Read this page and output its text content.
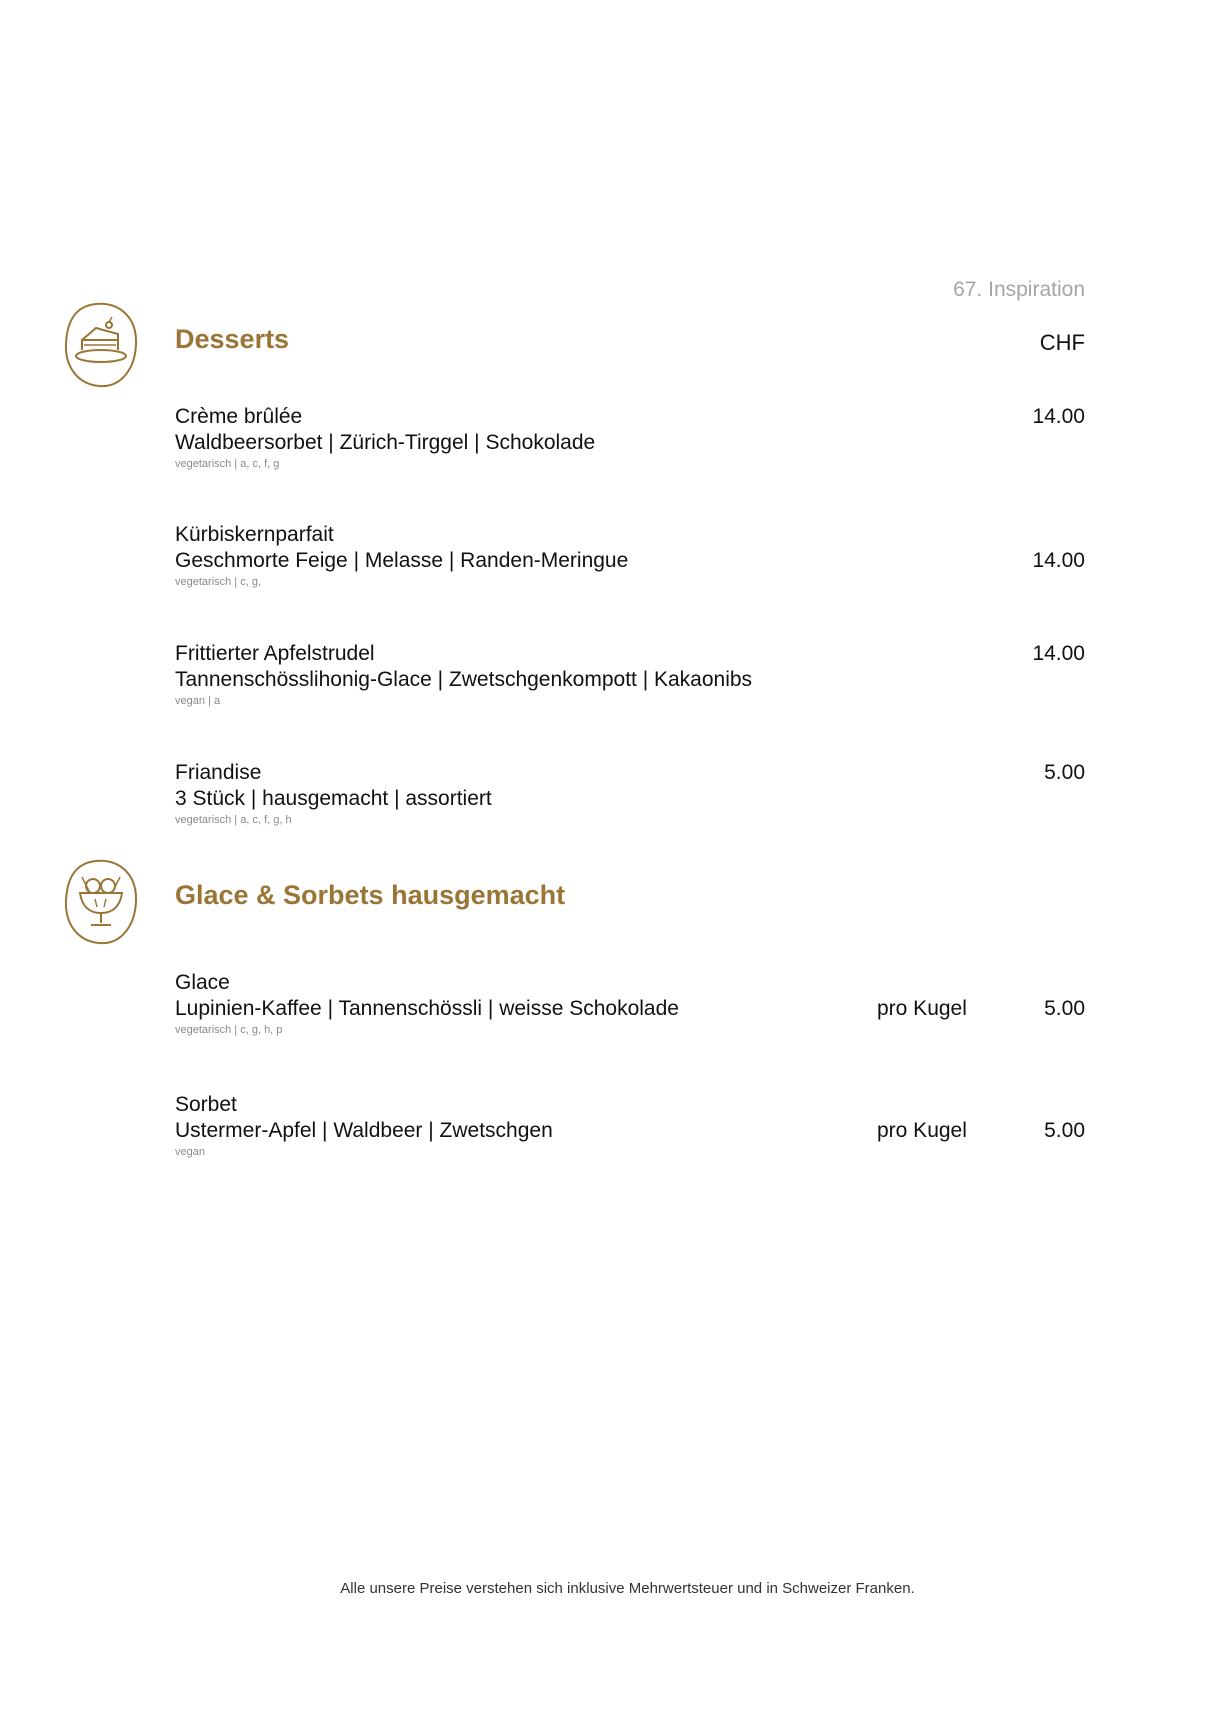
67. Inspiration
CHF
Desserts
Crème brûlée
Waldbeersorbet | Zürich-Tirggel | Schokolade
vegetarisch | a, c, f, g
14.00
Kürbiskernparfait
Geschmorte Feige | Melasse | Randen-Meringue
vegetarisch | c, g,
14.00
Frittierter Apfelstrudel
Tannenschösslihonig-Glace | Zwetschgenkompott | Kakaonibs
vegan | a
14.00
Friandise
3 Stück | hausgemacht | assortiert
vegetarisch | a, c, f, g, h
5.00
Glace & Sorbets hausgemacht
Glace
Lupinien-Kaffee | Tannenschössli | weisse Schokolade
vegetarisch | c, g, h, p
pro Kugel	5.00
Sorbet
Ustermer-Apfel | Waldbeer | Zwetschgen
vegan
pro Kugel	5.00
Alle unsere Preise verstehen sich inklusive Mehrwertsteuer und in Schweizer Franken.
